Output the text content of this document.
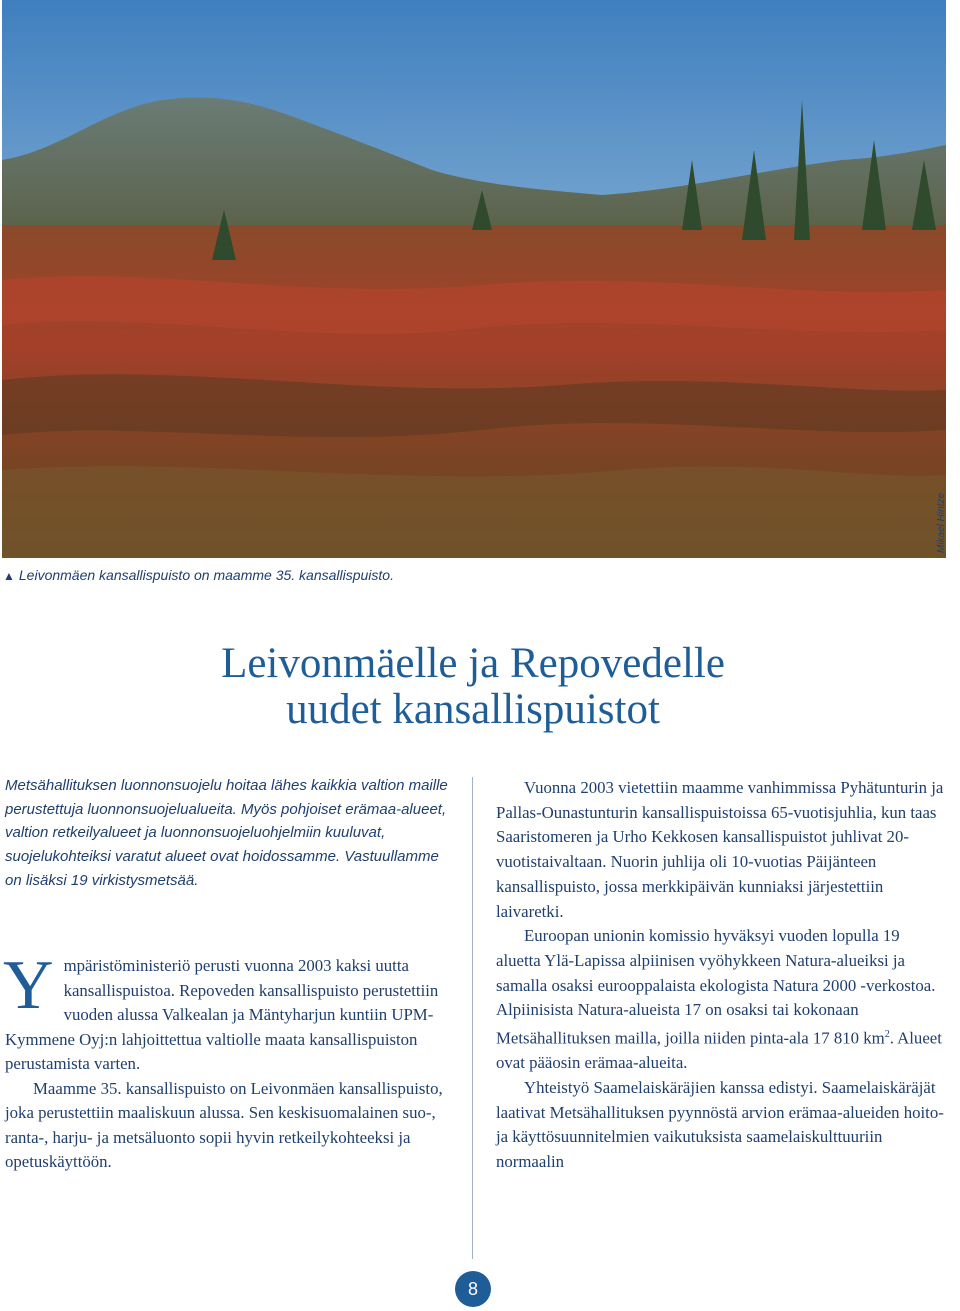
Mikael Hintze
▲ Leivonmäen kansallispuisto on maamme 35. kansallispuisto.
Leivonmäelle ja Repovedelle
uudet kansallispuistot
Metsähallituksen luonnonsuojelu hoitaa lähes kaikkia valtion maille perustettuja luonnonsuojelualueita. Myös pohjoiset erämaa-alueet, valtion retkeilyalueet ja luonnonsuojeluohjelmiin kuuluvat, suojelukohteiksi varatut alueet ovat hoidossamme. Vastuullamme on lisäksi 19 virkistysmetsää.

Ympäristöministeriö perusti vuonna 2003 kaksi uutta kansallispuistoa. Repoveden kansallispuisto perustettiin vuoden alussa Valkealan ja Mäntyharjun kuntiin UPM-Kymmene Oyj:n lahjoittettua valtiolle maata kansallispuiston perustamista varten.

Maamme 35. kansallispuisto on Leivonmäen kansallispuisto, joka perustettiin maaliskuun alussa. Sen keskisuomalainen suo-, ranta-, harju- ja metsäluonto sopii hyvin retkeilykohteeksi ja opetuskäyttöön.

Vuonna 2003 vietettiin maamme vanhimmissa Pyhätunturin ja Pallas-Ounastunturin kansallispuistoissa 65-vuotisjuhlia, kun taas Saaristomeren ja Urho Kekkosen kansallispuistot juhlivat 20-vuotistaivaltaan. Nuorin juhlija oli 10-vuotias Päijänteen kansallispuisto, jossa merkkipäivän kunniaksi järjestettiin laivaretki.

Euroopan unionin komissio hyväksyi vuoden lopulla 19 aluetta Ylä-Lapissa alpiinisen vyöhykkeen Natura-alueiksi ja samalla osaksi eurooppalaista ekologista Natura 2000 -verkostoa. Alpiinisista Natura-alueista 17 on osaksi tai kokonaan Metsähallituksen mailla, joilla niiden pinta-ala 17 810 $km^2$. Alueet ovat pääosin erämaa-alueita.

Yhteistyö Saamelaiskäräjien kanssa edistyi. Saamelaiskäräjät laativat Metsähallituksen pyynnöstä arvion erämaa-alueiden hoito- ja käyttösuunnitelmien vaikutuksista saamelaiskulttuuriin normaalin

8
